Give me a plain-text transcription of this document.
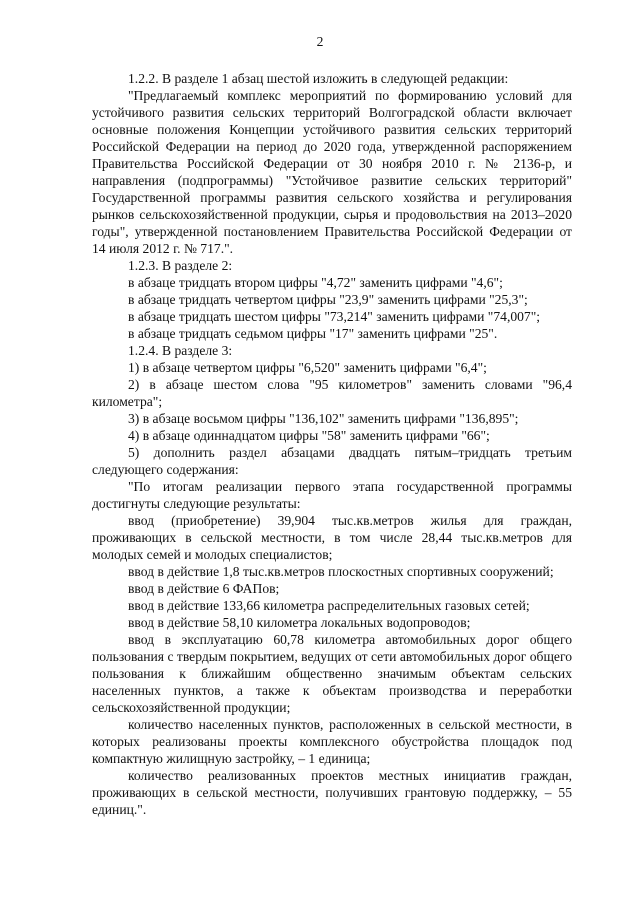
2

1.2.2. В разделе 1 абзац шестой изложить в следующей редакции:

"Предлагаемый комплекс мероприятий по формированию условий для устойчивого развития сельских территорий Волгоградской области включает основные положения Концепции устойчивого развития сельских территорий Российской Федерации на период до 2020 года, утвержденной распоряжением Правительства Российской Федерации от 30 ноября 2010 г. № 2136-р, и направления (подпрограммы) "Устойчивое развитие сельских территорий" Государственной программы развития сельского хозяйства и регулирования рынков сельскохозяйственной продукции, сырья и продовольствия на 2013–2020 годы", утвержденной постановлением Правительства Российской Федерации от 14 июля 2012 г. № 717.".

1.2.3. В разделе 2:

в абзаце тридцать втором цифры "4,72" заменить цифрами "4,6";

в абзаце тридцать четвертом цифры "23,9" заменить цифрами "25,3";

в абзаце тридцать шестом цифры "73,214" заменить цифрами "74,007";

в абзаце тридцать седьмом цифры "17" заменить цифрами "25".

1.2.4. В разделе 3:

1) в абзаце четвертом цифры "6,520" заменить цифрами "6,4";

2) в абзаце шестом слова "95 километров" заменить словами "96,4 километра";

3) в абзаце восьмом цифры "136,102" заменить цифрами "136,895";

4) в абзаце одиннадцатом цифры "58" заменить цифрами "66";

5) дополнить раздел абзацами двадцать пятым–тридцать третьим следующего содержания:

"По итогам реализации первого этапа государственной программы достигнуты следующие результаты:

ввод (приобретение) 39,904 тыс.кв.метров жилья для граждан, проживающих в сельской местности, в том числе 28,44 тыс.кв.метров для молодых семей и молодых специалистов;

ввод в действие 1,8 тыс.кв.метров плоскостных спортивных сооружений;

ввод в действие 6 ФАПов;

ввод в действие 133,66 километра распределительных газовых сетей;

ввод в действие 58,10 километра локальных водопроводов;

ввод в эксплуатацию 60,78 километра автомобильных дорог общего пользования с твердым покрытием, ведущих от сети автомобильных дорог общего пользования к ближайшим общественно значимым объектам сельских населенных пунктов, а также к объектам производства и переработки сельскохозяйственной продукции;

количество населенных пунктов, расположенных в сельской местности, в которых реализованы проекты комплексного обустройства площадок под компактную жилищную застройку, – 1 единица;

количество реализованных проектов местных инициатив граждан, проживающих в сельской местности, получивших грантовую поддержку, – 55 единиц.".
